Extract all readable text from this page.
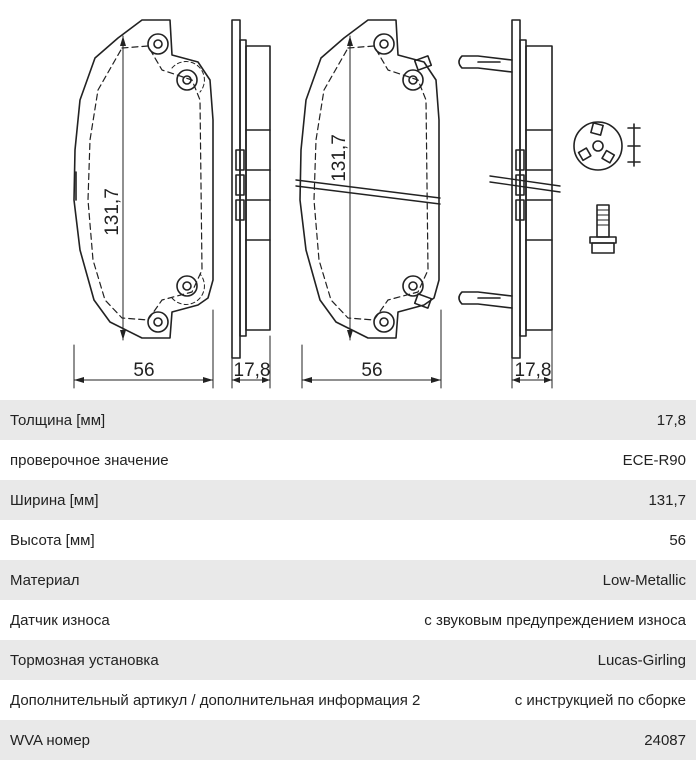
131,7
56	17,8
131,7
56	17,8
Толщина [мм]	17,8
проверочное значение	ECE-R90
Ширина [мм]	131,7
Высота [мм]	56
Материал	Low-Metallic
Датчик износа	с звуковым предупреждением износа
Тормозная установка	Lucas-Girling
Дополнительный артикул / дополнительная информация 2	с инструкцией по сборке
WVA номер	24087
